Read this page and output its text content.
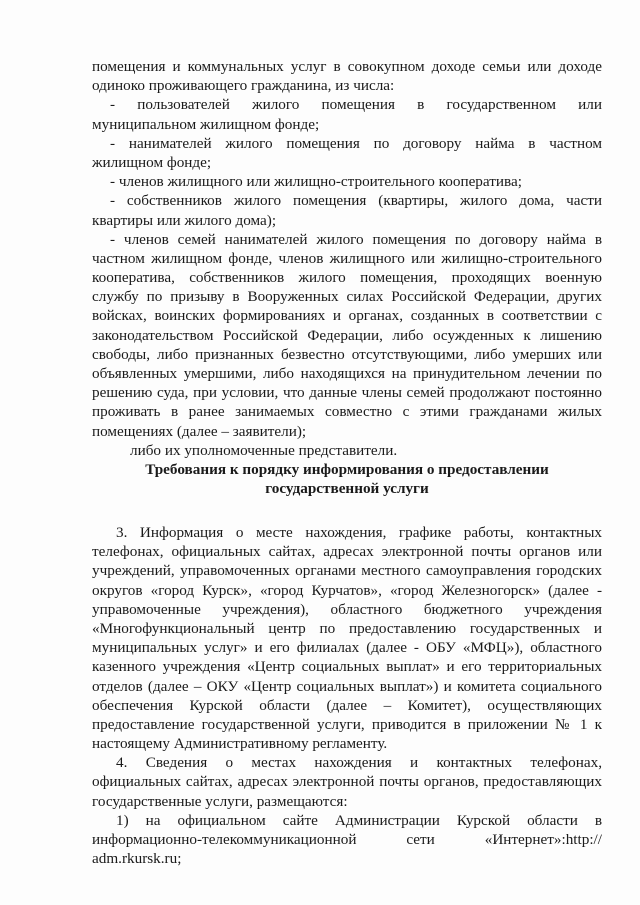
помещения и коммунальных услуг в совокупном доходе семьи или доходе
одиноко проживающего гражданина, из числа:
- пользователей жилого помещения в государственном или
муниципальном жилищном фонде;
- нанимателей жилого помещения по договору найма в частном
жилищном фонде;
- членов жилищного или жилищно-строительного кооператива;
- собственников жилого помещения (квартиры, жилого дома, части
квартиры или жилого дома);
- членов семей нанимателей жилого помещения по договору найма в
частном жилищном фонде, членов жилищного или жилищно-строительного
кооператива, собственников жилого помещения, проходящих военную
службу по призыву в Вооруженных силах Российской Федерации, других
войсках, воинских формированиях и органах, созданных в соответствии с
законодательством Российской Федерации, либо осужденных к лишению
свободы, либо признанных безвестно отсутствующими, либо умерших или
объявленных умершими, либо находящихся на принудительном лечении по
решению суда, при условии, что данные члены семей продолжают постоянно
проживать в ранее занимаемых совместно с этими гражданами жилых
помещениях (далее – заявители);
либо их уполномоченные представители.
Требования к порядку информирования о предоставлении
государственной услуги
3. Информация о месте нахождения, графике работы, контактных
телефонах, официальных сайтах, адресах электронной почты органов или
учреждений, управомоченных органами местного самоуправления городских
округов «город Курск», «город Курчатов», «город Железногорск» (далее -
управомоченные учреждения), областного бюджетного учреждения
«Многофункциональный центр по предоставлению государственных и
муниципальных услуг» и его филиалах (далее - ОБУ «МФЦ»), областного
казенного учреждения «Центр социальных выплат» и его территориальных
отделов (далее – ОКУ «Центр социальных выплат») и комитета социального
обеспечения Курской области (далее – Комитет), осуществляющих
предоставление государственной услуги, приводится в приложении № 1 к
настоящему Административному регламенту.
4. Сведения о местах нахождения и контактных телефонах,
официальных сайтах, адресах электронной почты органов, предоставляющих
государственные услуги, размещаются:
1) на официальном сайте Администрации Курской области в
информационно-телекоммуникационной сети «Интернет»:http://
adm.rkursk.ru;
